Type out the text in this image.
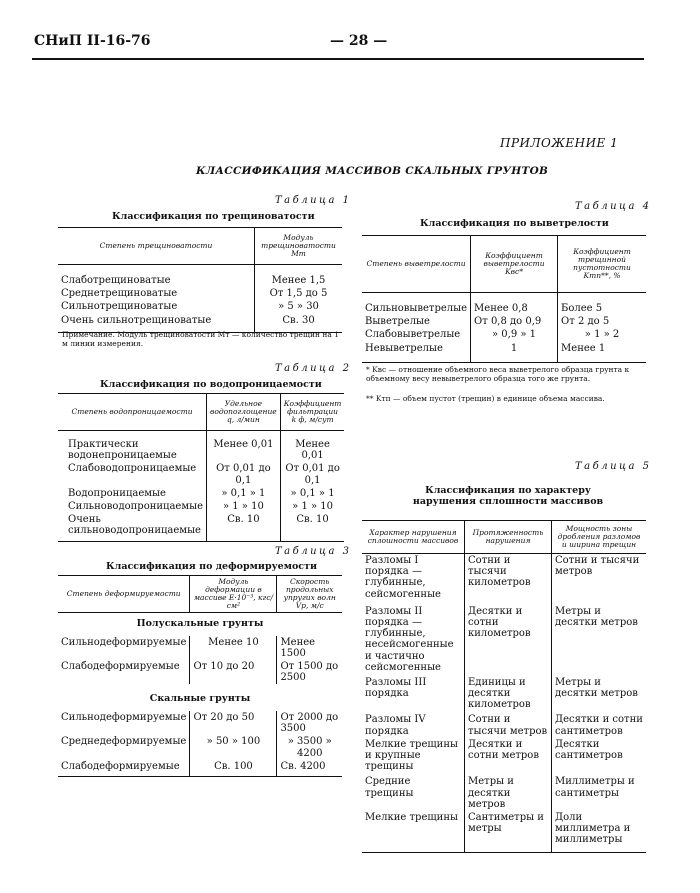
СНиП II-16-76	— 28 —
ПРИЛОЖЕНИЕ 1
КЛАССИФИКАЦИЯ МАССИВОВ СКАЛЬНЫХ ГРУНТОВ
Таблица 1
Классификация по трещиноватости
Степень трещиноватости	Модуль трещиноватости Мт
Слаботрещиноватые	Менее 1,5
Среднетрещиноватые	От 1,5 до 5
Сильнотрещиноватые	» 5 » 30
Очень сильнотрещиноватые	Св. 30
Примечание. Модуль трещиноватости Мт — количество трещин на 1 м линии измерения.
Таблица 2
Классификация по водопроницаемости
Степень водопроницаемости	Удельное водопоглощение q, л/мин	Коэффициент фильтрации k ф, м/сут
Практически водонепроницаемые	Менее 0,01	Менее 0,01
Слабоводопроницаемые	От 0,01 до 0,1	От 0,01 до 0,1
Водопроницаемые	» 0,1 » 1	» 0,1 » 1
Сильноводопроницаемые	» 1 » 10	» 1 » 10
Очень сильноводопроницаемые	Св. 10	Св. 10
Таблица 3
Классификация по деформируемости
Степень деформируемости	Модуль деформации в массиве Е·10⁻³, кгс/см²	Скорость продольных упругих волн Vр, м/с
Полускальные грунты		
Сильнодеформируемые	Менее 10	Менее 1500
Слабодеформируемые	От 10 до 20	От 1500 до 2500
Скальные грунты		
Сильнодеформируемые	От 20 до 50	От 2000 до 3500
Среднедеформируемые	» 50 » 100	» 3500 » 4200
Слабодеформируемые	Св. 100	Св. 4200
Таблица 4
Классификация по выветрелости
Степень выветрелости	Коэффициент выветрелости Kвс*	Коэффициент трещинной пустотности Kтп**, %
Сильновыветрелые	Менее 0,8	Более 5
Выветрелые	От 0,8 до 0,9	От 2 до 5
Слабовыветрелые	» 0,9 » 1	» 1 » 2
Невыветрелые	1	Менее 1
* Kвс — отношение объемного веса выветрелого образца грунта к объемному весу невыветрелого образца того же грунта.
** Kтп — объем пустот (трещин) в единице объема массива.
Таблица 5
Классификация по характеру нарушения сплошности массивов
Характер нарушения сплошности массивов	Протяженность нарушения	Мощность зоны дробления разломов и ширина трещин
Разломы I порядка — глубинные, сейсмогенные	Сотни и тысячи километров	Сотни и тысячи метров
Разломы II порядка — глубинные, несейсмогенные и частично сейсмогенные	Десятки и сотни километров	Метры и десятки метров
Разломы III порядка	Единицы и десятки километров	Метры и десятки метров
Разломы IV порядка	Сотни и тысячи метров	Десятки и сотни сантиметров
Мелкие трещины и крупные трещины	Десятки и сотни метров	Десятки сантиметров
Средние трещины	Метры и десятки метров	Миллиметры и сантиметры
Мелкие трещины	Сантиметры и метры	Доли миллиметра и миллиметры
